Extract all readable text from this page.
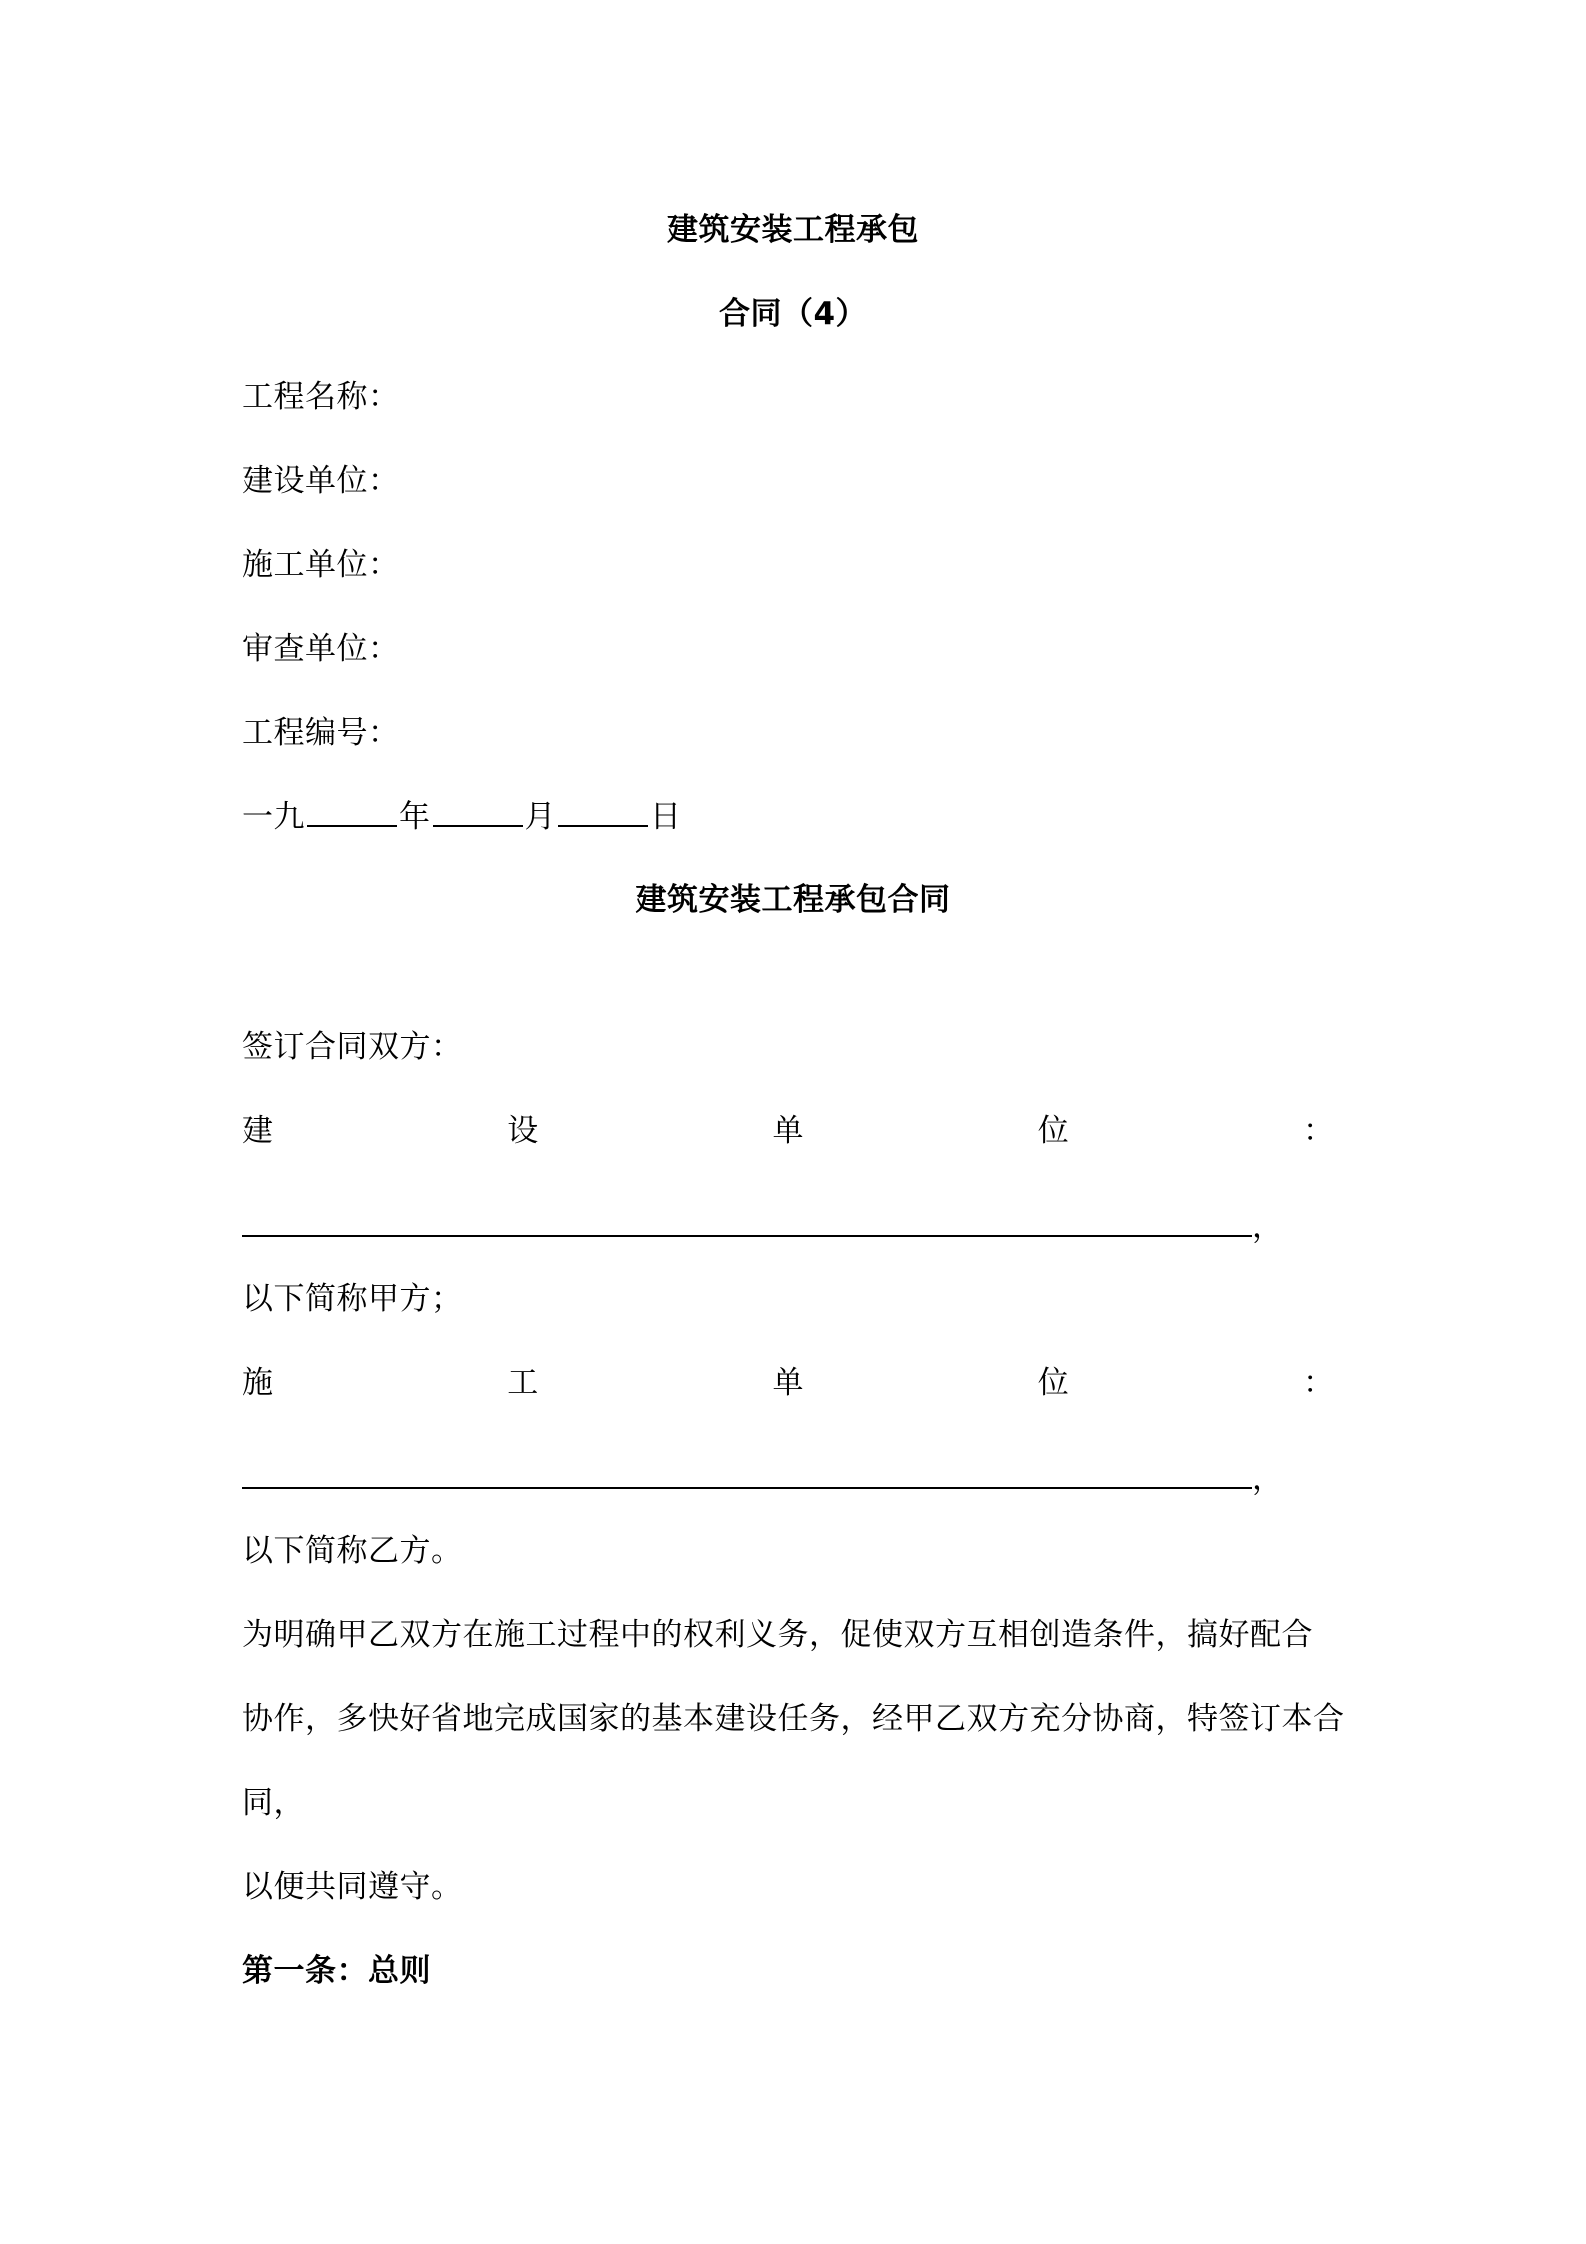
建筑安装工程承包
合同（4）
工程名称：
建设单位：
施工单位：
审查单位：
工程编号：
一九	年	月	日
建筑安装工程承包合同
签订合同双方：
建	设	单	位	：
，
以下简称甲方；
施	工	单	位	：
，
以下简称乙方。
为明确甲乙双方在施工过程中的权利义务，促使双方互相创造条件，搞好配合
协作，多快好省地完成国家的基本建设任务，经甲乙双方充分协商，特签订本合
同，
以便共同遵守。
第一条：总则
